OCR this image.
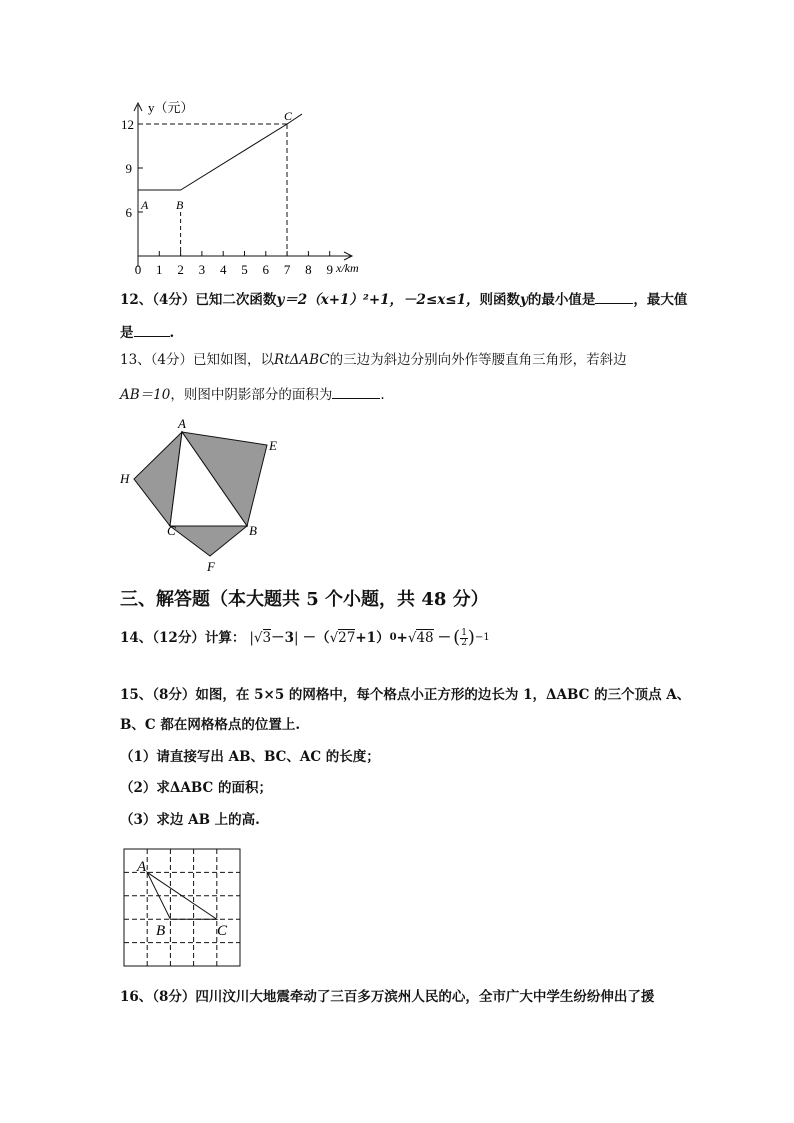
y（元）
x/km
12
9
6
0 1 2 3 4 5 6 7 8 9
A B
C
12、（4分）已知二次函数y＝2（x+1）²+1，－2≤x≤1，则函数y的最小值是	，最大值
是	.
13、（4分）已知如图，以RtΔABC的三边为斜边分别向外作等腰直角三角形，若斜边
AB＝10，则图中阴影部分的面积为	.
A
E
H
C	B
F
三、解答题（本大题共 5 个小题，共 48 分）
14、（12分）计算： | √3 －3 | －（ √27 +1） 0 + √48 － ( $\frac{1}{2}$ ) −1
15、（8分）如图，在 5×5 的网格中，每个格点小正方形的边长为 1，ΔABC 的三个顶点 A、
B、C 都在网格格点的位置上.
（1）请直接写出 AB、BC、AC 的长度；
（2）求ΔABC 的面积；
（3）求边 AB 上的高.
A
B	C
16、（8分）四川汶川大地震牵动了三百多万滨州人民的心，全市广大中学生纷纷伸出了援
